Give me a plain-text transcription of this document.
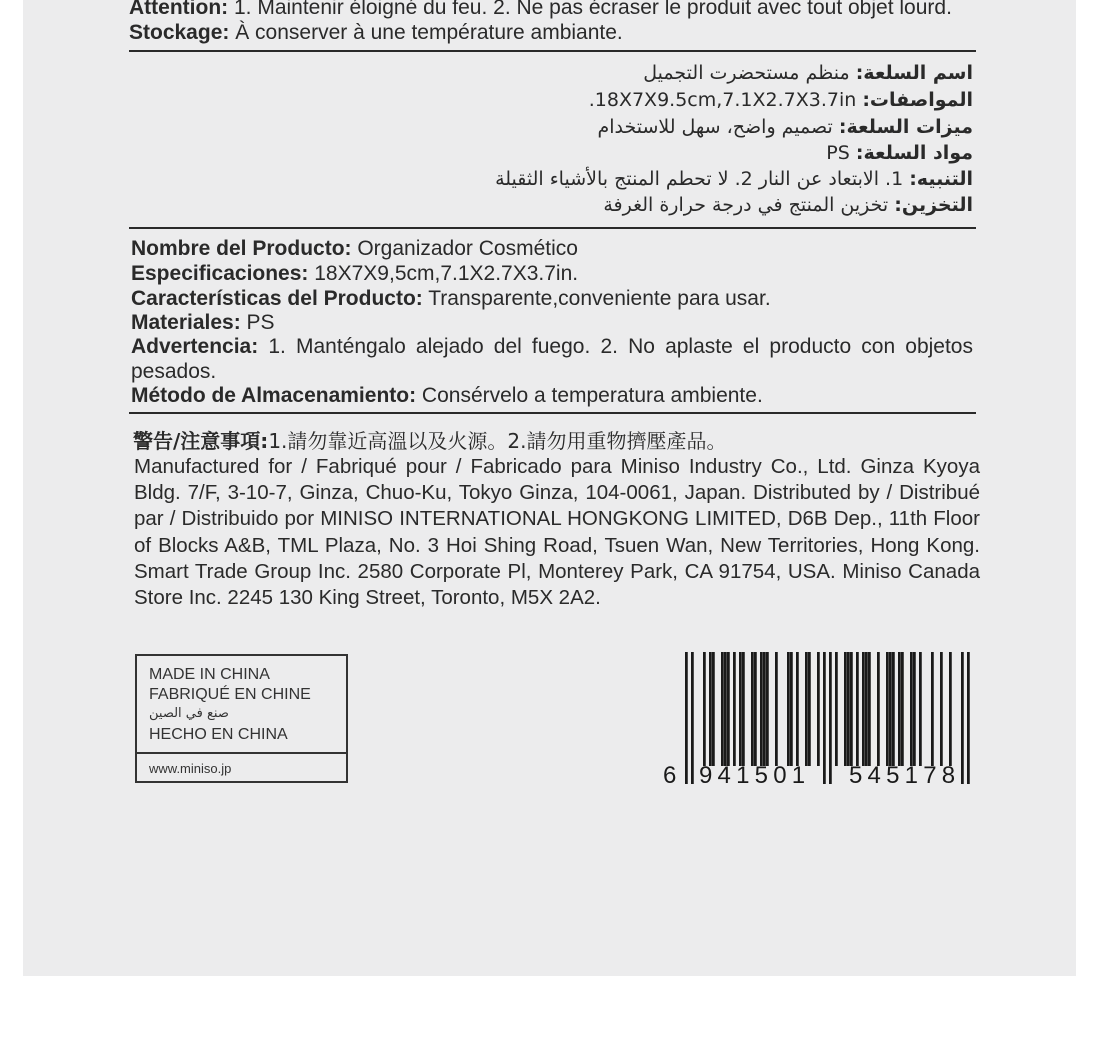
Attention: 1. Maintenir éloigné du feu. 2. Ne pas écraser le produit avec tout objet lourd.
Stockage: À conserver à une température ambiante.
اسم السلعة: منظم مستحضرت التجميل
المواصفات: 18X7X9.5cm,7.1X2.7X3.7in.
ميزات السلعة: تصميم واضح، سهل للاستخدام
مواد السلعة: PS
التنبيه: 1. الابتعاد عن النار 2. لا تحطم المنتج بالأشياء الثقيلة
التخزين: تخزين المنتج في درجة حرارة الغرفة
Nombre del Producto: Organizador Cosmético
Especificaciones: 18X7X9,5cm,7.1X2.7X3.7in.
Características del Producto: Transparente,conveniente para usar.
Materiales: PS
Advertencia: 1. Manténgalo alejado del fuego. 2. No aplaste el producto con objetos pesados.
Método de Almacenamiento: Consérvelo a temperatura ambiente.
警告/注意事項:1.請勿靠近高溫以及火源。2.請勿用重物擠壓產品。
Manufactured for / Fabriqué pour / Fabricado para Miniso Industry Co., Ltd. Ginza Kyoya Bldg. 7/F, 3-10-7, Ginza, Chuo-Ku, Tokyo Ginza, 104-0061, Japan. Distributed by / Distribué par / Distribuido por MINISO INTERNATIONAL HONGKONG LIMITED, D6B Dep., 11th Floor of Blocks A&B, TML Plaza, No. 3 Hoi Shing Road, Tsuen Wan, New Territories, Hong Kong. Smart Trade Group Inc. 2580 Corporate Pl, Monterey Park, CA 91754, USA. Miniso Canada Store Inc. 2245 130 King Street, Toronto, M5X 2A2.
MADE IN CHINA
FABRIQUÉ EN CHINE
صنع في الصين
HECHO EN CHINA
www.miniso.jp	6 941501 545178
